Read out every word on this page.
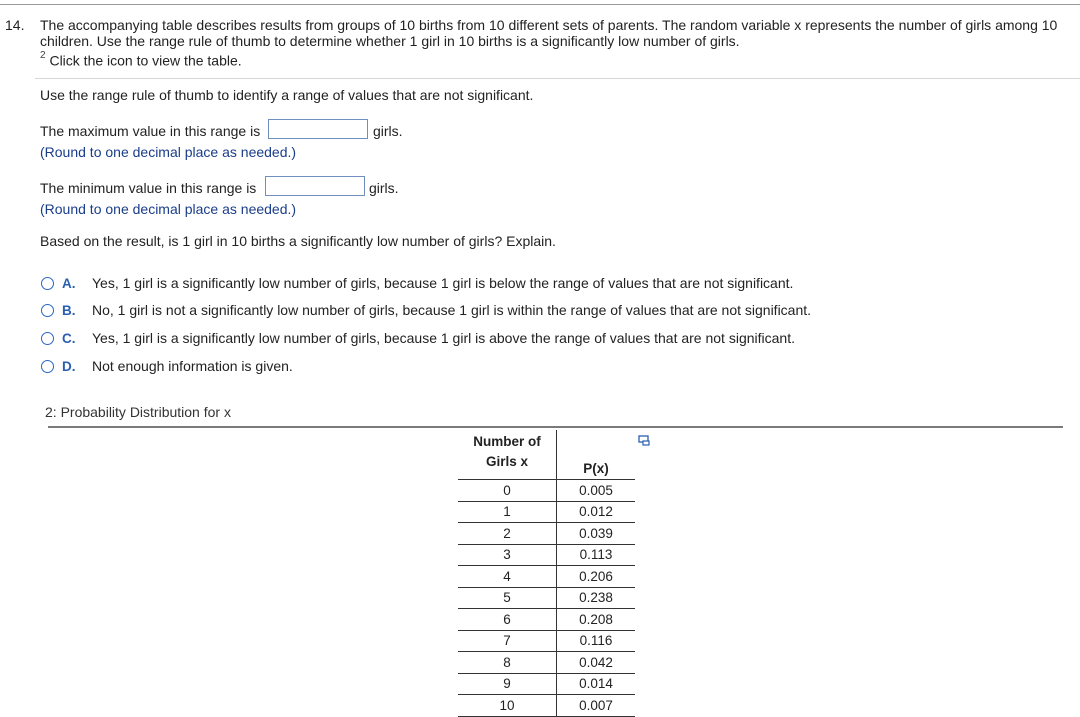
14. The accompanying table describes results from groups of 10 births from 10 different sets of parents. The random variable x represents the number of girls among 10 children. Use the range rule of thumb to determine whether 1 girl in 10 births is a significantly low number of girls.
$^2$ Click the icon to view the table.
Use the range rule of thumb to identify a range of values that are not significant.
The maximum value in this range is	girls.
(Round to one decimal place as needed.)
The minimum value in this range is	girls.
(Round to one decimal place as needed.)
Based on the result, is 1 girl in 10 births a significantly low number of girls? Explain.
A.	Yes, 1 girl is a significantly low number of girls, because 1 girl is below the range of values that are not significant.
B.	No, 1 girl is not a significantly low number of girls, because 1 girl is within the range of values that are not significant.
C.	Yes, 1 girl is a significantly low number of girls, because 1 girl is above the range of values that are not significant.
D.	Not enough information is given.
2: Probability Distribution for x
Number of
Girls x	P(x)
0	0.005
1	0.012
2	0.039
3	0.113
4	0.206
5	0.238
6	0.208
7	0.116
8	0.042
9	0.014
10	0.007
